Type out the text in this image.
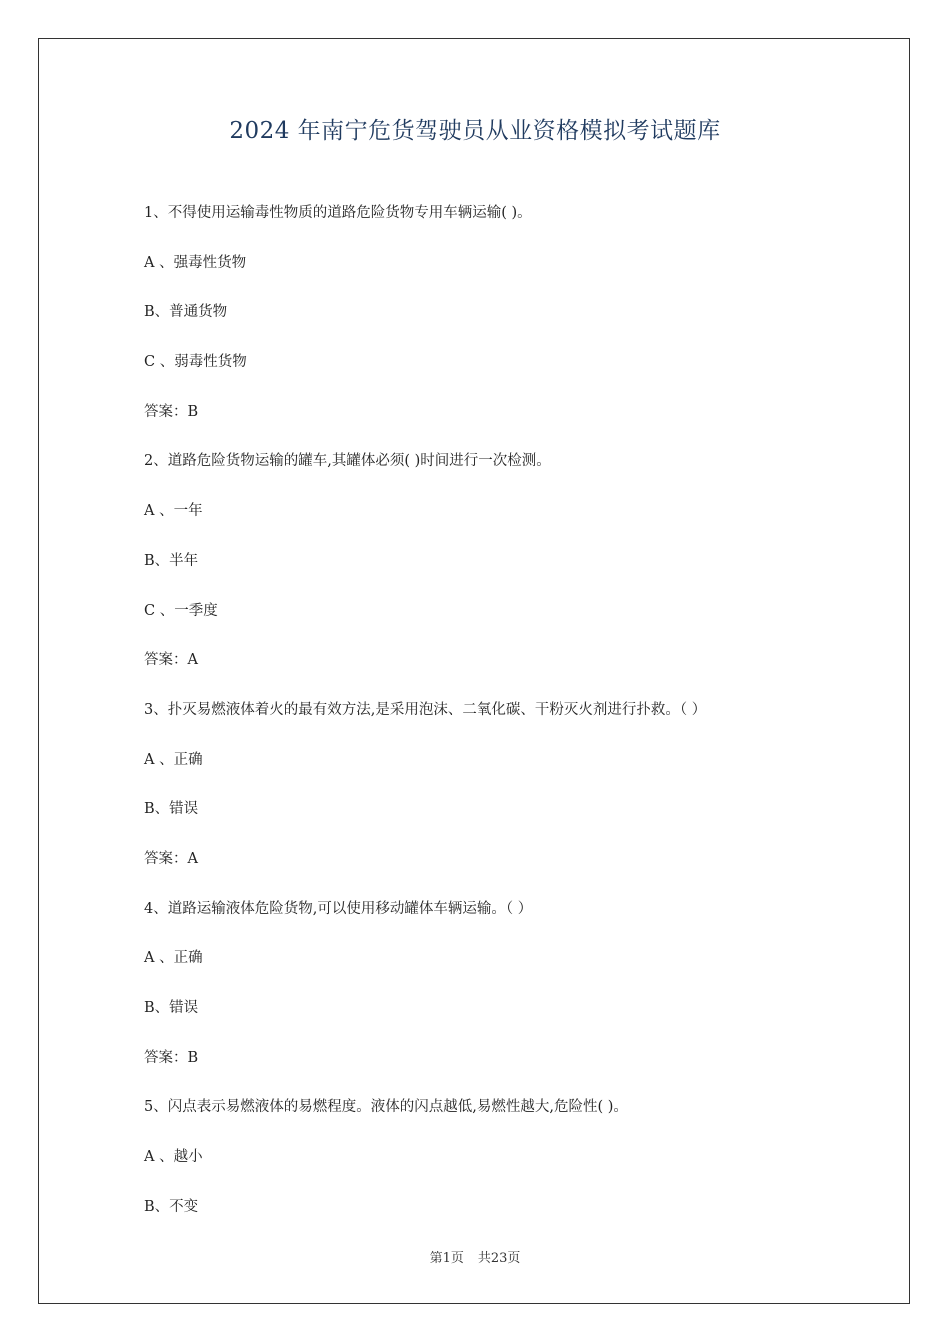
2024 年南宁危货驾驶员从业资格模拟考试题库
1、不得使用运输毒性物质的道路危险货物专用车辆运输( )。
A 、强毒性货物
B、普通货物
C 、弱毒性货物
答案：B
2、道路危险货物运输的罐车,其罐体必须( )时间进行一次检测。
A 、一年
B、半年
C 、一季度
答案：A
3、扑灭易燃液体着火的最有效方法,是采用泡沫、二氧化碳、干粉灭火剂进行扑救。（ ）
A 、正确
B、错误
答案：A
4、道路运输液体危险货物,可以使用移动罐体车辆运输。（ ）
A 、正确
B、错误
答案：B
5、闪点表示易燃液体的易燃程度。液体的闪点越低,易燃性越大,危险性( )。
A 、越小
B、不变
第1页 共23页
